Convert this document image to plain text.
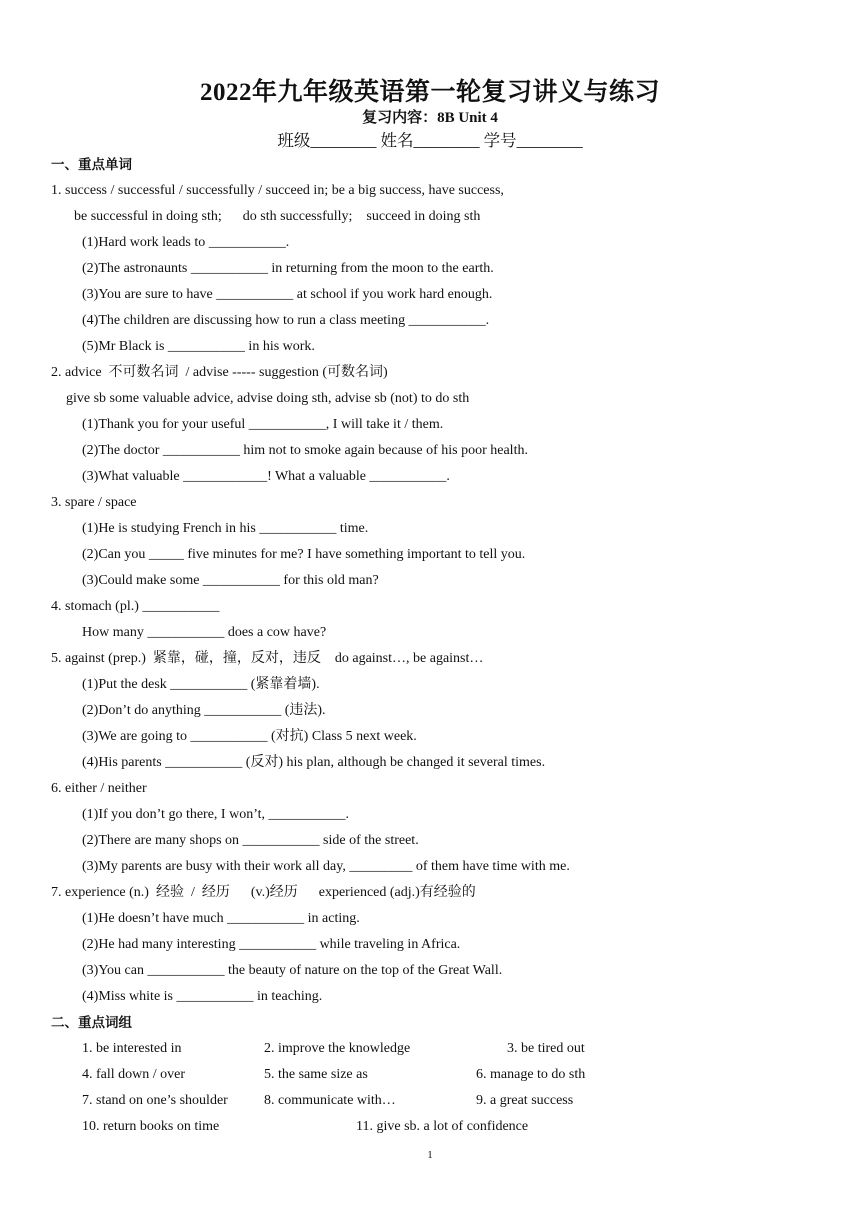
2022年九年级英语第一轮复习讲义与练习
复习内容：8B Unit 4
班级________ 姓名________ 学号________
一、重点单词
1. success / successful / successfully / succeed in; be a big success, have success,
be successful in doing sth;      do sth successfully;    succeed in doing sth
(1)Hard work leads to ___________.
(2)The astronaunts ___________ in returning from the moon to the earth.
(3)You are sure to have ___________ at school if you work hard enough.
(4)The children are discussing how to run a class meeting ___________.
(5)Mr Black is ___________ in his work.
2. advice  不可数名词  / advise ----- suggestion (可数名词)
give sb some valuable advice, advise doing sth, advise sb (not) to do sth
(1)Thank you for your useful ___________, I will take it / them.
(2)The doctor ___________ him not to smoke again because of his poor health.
(3)What valuable ____________! What a valuable ___________.
3. spare / space
(1)He is studying French in his ___________ time.
(2)Can you _____ five minutes for me? I have something important to tell you.
(3)Could make some ___________ for this old man?
4. stomach (pl.) ___________
How many ___________ does a cow have?
5. against (prep.)  紧靠，碰，撞，反对，违反    do against…, be against…
(1)Put the desk ___________ (紧靠着墙).
(2)Don’t do anything ___________ (违法).
(3)We are going to ___________ (对抗) Class 5 next week.
(4)His parents ___________ (反对) his plan, although be changed it several times.
6. either / neither
(1)If you don’t go there, I won’t, ___________.
(2)There are many shops on ___________ side of the street.
(3)My parents are busy with their work all day, _________ of them have time with me.
7. experience (n.)  经验  /  经历      (v.)经历      experienced (adj.)有经验的
(1)He doesn’t have much ___________ in acting.
(2)He had many interesting ___________ while traveling in Africa.
(3)You can ___________ the beauty of nature on the top of the Great Wall.
(4)Miss white is ___________ in teaching.
二、重点词组
1. be interested in	2. improve the knowledge	3. be tired out
4. fall down / over	5. the same size as	6. manage to do sth
7. stand on one’s shoulder	8. communicate with…	9. a great success
10. return books on time	11. give sb. a lot of confidence
1
